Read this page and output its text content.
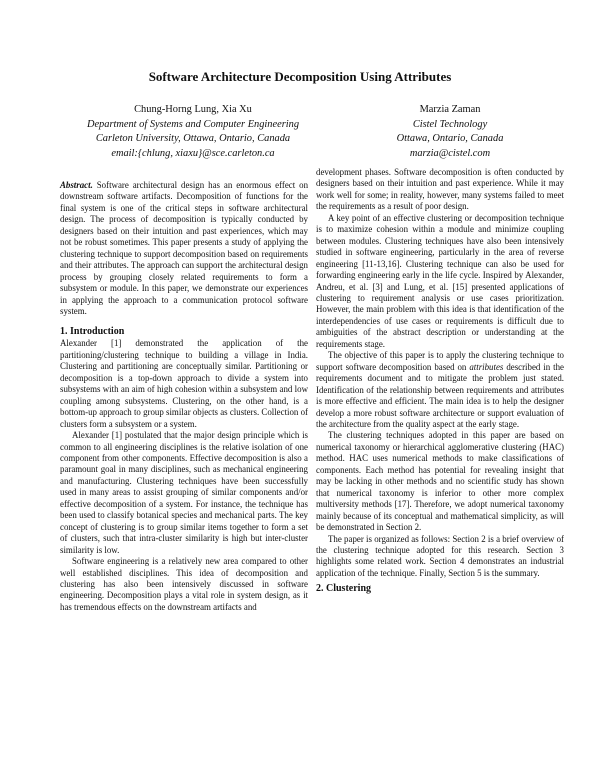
Software Architecture Decomposition Using Attributes
Chung-Horng Lung, Xia Xu
Department of Systems and Computer Engineering
Carleton University, Ottawa, Ontario, Canada
email:{chlung, xiaxu}@sce.carleton.ca
Marzia Zaman
Cistel Technology
Ottawa, Ontario, Canada
marzia@cistel.com

Abstract. Software architectural design has an enormous effect on downstream software artifacts. Decomposition of functions for the final system is one of the critical steps in software architectural design. The process of decomposition is typically conducted by designers based on their intuition and past experiences, which may not be robust sometimes. This paper presents a study of applying the clustering technique to support decomposition based on requirements and their attributes. The approach can support the architectural design process by grouping closely related requirements to form a subsystem or module. In this paper, we demonstrate our experiences in applying the approach to a communication protocol software system.

1. Introduction

Alexander [1] demonstrated the application of the partitioning/clustering technique to building a village in India. Clustering and partitioning are conceptually similar. Partitioning or decomposition is a top-down approach to divide a system into subsystems with an aim of high cohesion within a subsystem and low coupling among subsystems. Clustering, on the other hand, is a bottom-up approach to group similar objects as clusters. Collection of clusters form a subsystem or a system.

Alexander [1] postulated that the major design principle which is common to all engineering disciplines is the relative isolation of one component from other components. Effective decomposition is also a paramount goal in many disciplines, such as mechanical engineering and manufacturing. Clustering techniques have been successfully used in many areas to assist grouping of similar components and/or effective decomposition of a system. For instance, the technique has been used to classify botanical species and mechanical parts. The key concept of clustering is to group similar items together to form a set of clusters, such that intra-cluster similarity is high but inter-cluster similarity is low.

Software engineering is a relatively new area compared to other well established disciplines. This idea of decomposition and clustering has also been intensively discussed in software engineering. Decomposition plays a vital role in system design, as it has tremendous effects on the downstream artifacts and

development phases. Software decomposition is often conducted by designers based on their intuition and past experience. While it may work well for some; in reality, however, many systems failed to meet the requirements as a result of poor design.

A key point of an effective clustering or decomposition technique is to maximize cohesion within a module and minimize coupling between modules. Clustering techniques have also been intensively studied in software engineering, particularly in the area of reverse engineering [11-13,16]. Clustering technique can also be used for forwarding engineering early in the life cycle. Inspired by Alexander, Andreu, et al. [3] and Lung, et al. [15] presented applications of clustering to requirement analysis or use cases prioritization. However, the main problem with this idea is that identification of the interdependencies of use cases or requirements is difficult due to ambiguities of the abstract description or understanding at the requirements stage.

The objective of this paper is to apply the clustering technique to support software decomposition based on attributes described in the requirements document and to mitigate the problem just stated. Identification of the relationship between requirements and attributes is more effective and efficient. The main idea is to help the designer develop a more robust software architecture or support evaluation of the architecture from the quality aspect at the early stage.

The clustering techniques adopted in this paper are based on numerical taxonomy or hierarchical agglomerative clustering (HAC) method. HAC uses numerical methods to make classifications of components. Each method has potential for revealing insight that may be lacking in other methods and no scientific study has shown that numerical taxonomy is inferior to other more complex multiversity methods [17]. Therefore, we adopt numerical taxonomy mainly because of its conceptual and mathematical simplicity, as will be demonstrated in Section 2.

The paper is organized as follows: Section 2 is a brief overview of the clustering technique adopted for this research. Section 3 highlights some related work. Section 4 demonstrates an industrial application of the technique. Finally, Section 5 is the summary.

2. Clustering
